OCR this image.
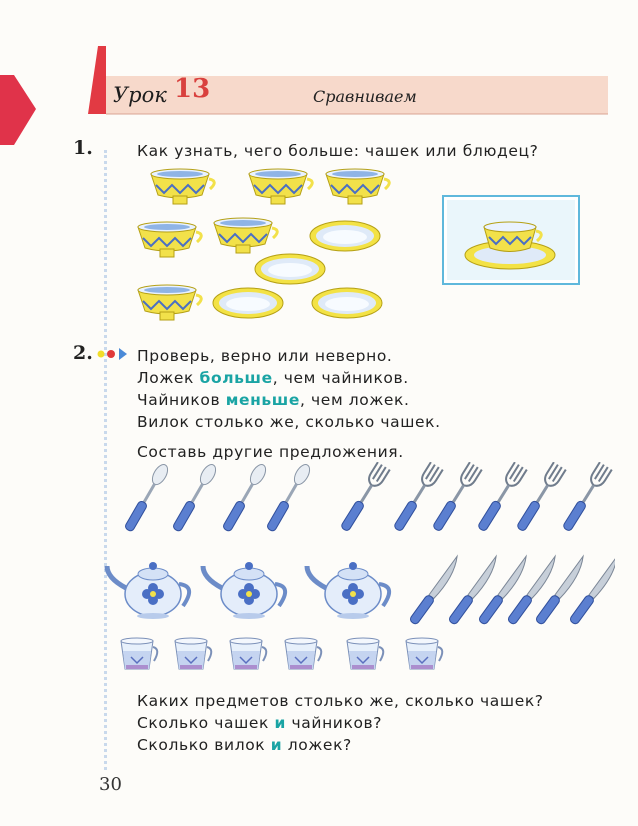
Урок 13	Сравниваем
1.	Как узнать, чего больше: чашек или блюдец?
2.	Проверь, верно или неверно.
Ложек больше, чем чайников.
Чайников меньше, чем ложек.
Вилок столько же, сколько чашек.
Составь другие предложения.
Каких предметов столько же, сколько чашек?
Сколько чашек и чайников?
Сколько вилок и ложек?
30
